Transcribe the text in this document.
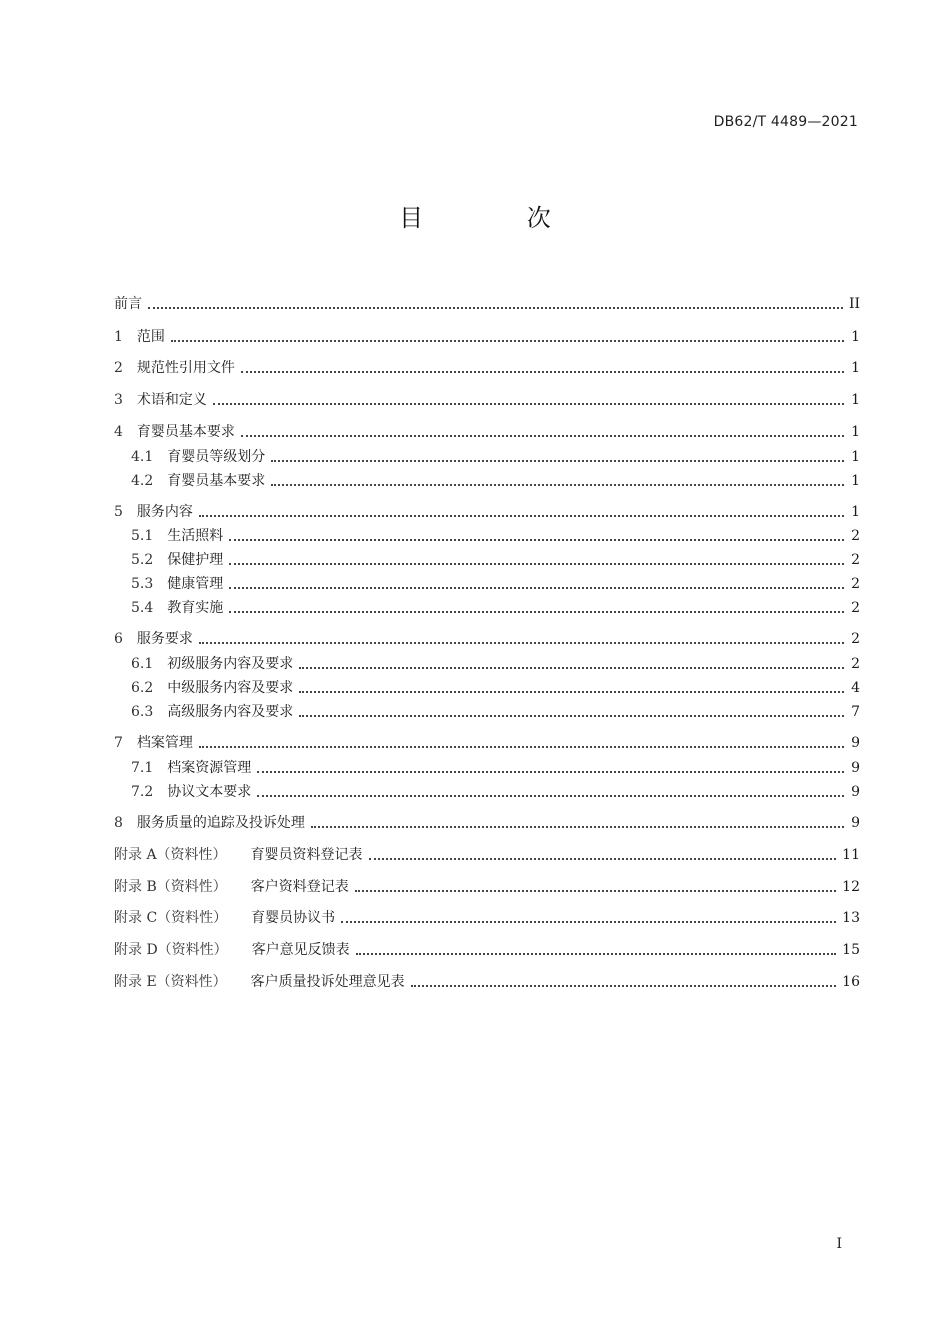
DB62/T 4489—2021
目 次
前言	II
1 范围	1
2 规范性引用文件	1
3 术语和定义	1
4 育婴员基本要求	1
4.1 育婴员等级划分	1
4.2 育婴员基本要求	1
5 服务内容	1
5.1 生活照料	2
5.2 保健护理	2
5.3 健康管理	2
5.4 教育实施	2
6 服务要求	2
6.1 初级服务内容及要求	2
6.2 中级服务内容及要求	4
6.3 高级服务内容及要求	7
7 档案管理	9
7.1 档案资源管理	9
7.2 协议文本要求	9
8 服务质量的追踪及投诉处理	9
附录 A（资料性） 育婴员资料登记表	11
附录 B（资料性） 客户资料登记表	12
附录 C（资料性） 育婴员协议书	13
附录 D（资料性） 客户意见反馈表	15
附录 E（资料性） 客户质量投诉处理意见表	16
I
